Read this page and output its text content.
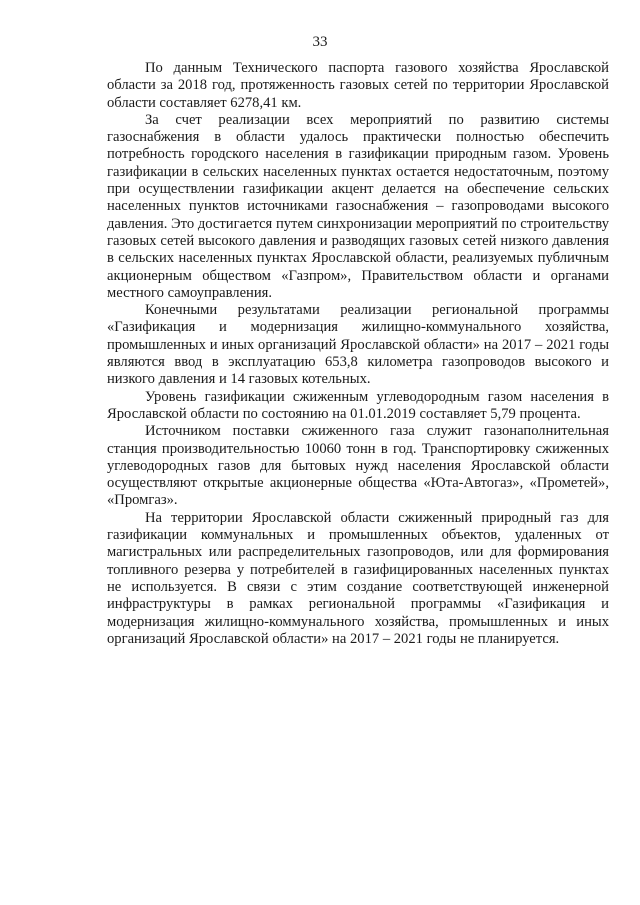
33

По данным Технического паспорта газового хозяйства Ярославской области за 2018 год, протяженность газовых сетей по территории Ярославской области составляет 6278,41 км.

За счет реализации всех мероприятий по развитию системы газоснабжения в области удалось практически полностью обеспечить потребность городского населения в газификации природным газом. Уровень газификации в сельских населенных пунктах остается недостаточным, поэтому при осуществлении газификации акцент делается на обеспечение сельских населенных пунктов источниками газоснабжения – газопроводами высокого давления. Это достигается путем синхронизации мероприятий по строительству газовых сетей высокого давления и разводящих газовых сетей низкого давления в сельских населенных пунктах Ярославской области, реализуемых публичным акционерным обществом «Газпром», Правительством области и органами местного самоуправления.

Конечными результатами реализации региональной программы «Газификация и модернизация жилищно-коммунального хозяйства, промышленных и иных организаций Ярославской области» на 2017 – 2021 годы являются ввод в эксплуатацию 653,8 километра газопроводов высокого и низкого давления и 14 газовых котельных.

Уровень газификации сжиженным углеводородным газом населения в Ярославской области по состоянию на 01.01.2019 составляет 5,79 процента.

Источником поставки сжиженного газа служит газонаполнительная станция производительностью 10060 тонн в год. Транспортировку сжиженных углеводородных газов для бытовых нужд населения Ярославской области осуществляют открытые акционерные общества «Юта-Автогаз», «Прометей», «Промгаз».

На территории Ярославской области сжиженный природный газ для газификации коммунальных и промышленных объектов, удаленных от магистральных или распределительных газопроводов, или для формирования топливного резерва у потребителей в газифицированных населенных пунктах не используется. В связи с этим создание соответствующей инженерной инфраструктуры в рамках региональной программы «Газификация и модернизация жилищно-коммунального хозяйства, промышленных и иных организаций Ярославской области» на 2017 – 2021 годы не планируется.
